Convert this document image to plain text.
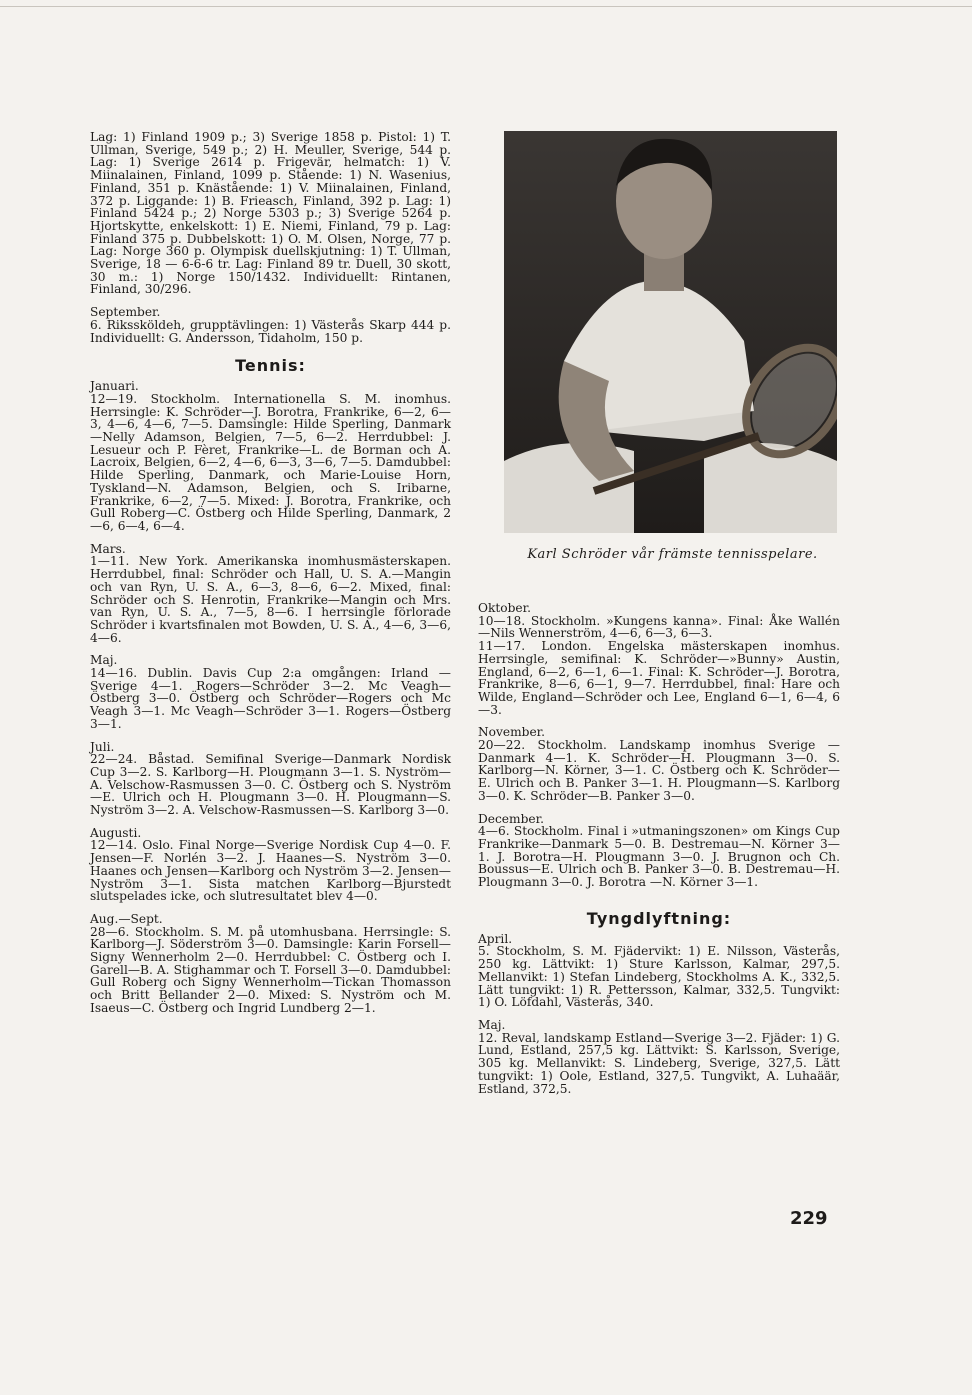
Lag: 1) Finland 1909 p.; 3) Sverige 1858 p. Pistol: 1) T. Ullman, Sverige, 549 p.; 2) H. Meuller, Sverige, 544 p. Lag: 1) Sverige 2614 p. Frigevär, helmatch: 1) V. Miinalainen, Finland, 1099 p. Stående: 1) N. Wasenius, Finland, 351 p. Knästående: 1) V. Miinalainen, Finland, 372 p. Liggande: 1) B. Frieasch, Finland, 392 p. Lag: 1) Finland 5424 p.; 2) Norge 5303 p.; 3) Sverige 5264 p. Hjortskytte, enkelskott: 1) E. Niemi, Finland, 79 p. Lag: Finland 375 p. Dubbelskott: 1) O. M. Olsen, Norge, 77 p. Lag: Norge 360 p. Olympisk duellskjutning: 1) T. Ullman, Sverige, 18 — 6-6-6 tr. Lag: Finland 89 tr. Duell, 30 skott, 30 m.: 1) Norge 150/1432. Individuellt: Rintanen, Finland, 30/296.

September.

6. Rikssköldeh, grupptävlingen: 1) Västerås Skarp 444 p. Individuellt: G. Andersson, Tidaholm, 150 p.

Tennis:

Januari.

12—19. Stockholm. Internationella S. M. inomhus. Herrsingle: K. Schröder—J. Borotra, Frankrike, 6—2, 6—3, 4—6, 4—6, 7—5. Damsingle: Hilde Sperling, Danmark—Nelly Adamson, Belgien, 7—5, 6—2. Herrdubbel: J. Lesueur och P. Fèret, Frankrike—L. de Borman och A. Lacroix, Belgien, 6—2, 4—6, 6—3, 3—6, 7—5. Damdubbel: Hilde Sperling, Danmark, och Marie-Louise Horn, Tyskland—N. Adamson, Belgien, och S. Iribarne, Frankrike, 6—2, 7—5. Mixed: J. Borotra, Frankrike, och Gull Roberg—C. Östberg och Hilde Sperling, Danmark, 2—6, 6—4, 6—4.

Mars.

1—11. New York. Amerikanska inomhusmästerskapen. Herrdubbel, final: Schröder och Hall, U. S. A.—Mangin och van Ryn, U. S. A., 6—3, 8—6, 6—2. Mixed, final: Schröder och S. Henrotin, Frankrike—Mangin och Mrs. van Ryn, U. S. A., 7—5, 8—6. I herrsingle förlorade Schröder i kvartsfinalen mot Bowden, U. S. A., 4—6, 3—6, 4—6.

Maj.

14—16. Dublin. Davis Cup 2:a omgången: Irland —Sverige 4—1. Rogers—Schröder 3—2. Mc Veagh—Östberg 3—0. Östberg och Schröder—Rogers och Mc Veagh 3—1. Mc Veagh—Schröder 3—1. Rogers—Östberg 3—1.

Juli.

22—24. Båstad. Semifinal Sverige—Danmark Nordisk Cup 3—2. S. Karlborg—H. Plougmann 3—1. S. Nyström—A. Velschow-Rasmussen 3—0. C. Östberg och S. Nyström—E. Ulrich och H. Plougmann 3—0. H. Plougmann—S. Nyström 3—2. A. Velschow-Rasmussen—S. Karlborg 3—0.

Augusti.

12—14. Oslo. Final Norge—Sverige Nordisk Cup 4—0. F. Jensen—F. Norlén 3—2. J. Haanes—S. Nyström 3—0. Haanes och Jensen—Karlborg och Nyström 3—2. Jensen—Nyström 3—1. Sista matchen Karlborg—Bjurstedt slutspelades icke, och slutresultatet blev 4—0.

Aug.—Sept.

28—6. Stockholm. S. M. på utomhusbana. Herrsingle: S. Karlborg—J. Söderström 3—0. Damsingle: Karin Forsell—Signy Wennerholm 2—0. Herrdubbel: C. Östberg och I. Garell—B. A. Stighammar och T. Forsell 3—0. Damdubbel: Gull Roberg och Signy Wennerholm—Tickan Thomasson och Britt Bellander 2—0. Mixed: S. Nyström och M. Isaeus—C. Östberg och Ingrid Lundberg 2—1.

Karl Schröder vår främste tennisspelare.

Oktober.

10—18. Stockholm. »Kungens kanna». Final: Åke Wallén—Nils Wennerström, 4—6, 6—3, 6—3.

11—17. London. Engelska mästerskapen inomhus. Herrsingle, semifinal: K. Schröder—»Bunny» Austin, England, 6—2, 6—1, 6—1. Final: K. Schröder—J. Borotra, Frankrike, 8—6, 6—1, 9—7. Herrdubbel, final: Hare och Wilde, England—Schröder och Lee, England 6—1, 6—4, 6—3.

November.

20—22. Stockholm. Landskamp inomhus Sverige —Danmark 4—1. K. Schröder—H. Plougmann 3—0. S. Karlborg—N. Körner, 3—1. C. Östberg och K. Schröder—E. Ulrich och B. Panker 3—1. H. Plougmann—S. Karlborg 3—0. K. Schröder—B. Panker 3—0.

December.

4—6. Stockholm. Final i »utmaningszonen» om Kings Cup Frankrike—Danmark 5—0. B. Destremau—N. Körner 3—1. J. Borotra—H. Plougmann 3—0. J. Brugnon och Ch. Boussus—E. Ulrich och B. Panker 3—0. B. Destremau—H. Plougmann 3—0. J. Borotra —N. Körner 3—1.

Tyngdlyftning:

April.

5. Stockholm, S. M. Fjädervikt: 1) E. Nilsson, Västerås, 250 kg. Lättvikt: 1) Sture Karlsson, Kalmar, 297,5. Mellanvikt: 1) Stefan Lindeberg, Stockholms A. K., 332,5. Lätt tungvikt: 1) R. Pettersson, Kalmar, 332,5. Tungvikt: 1) O. Löfdahl, Västerås, 340.

Maj.

12. Reval, landskamp Estland—Sverige 3—2. Fjäder: 1) G. Lund, Estland, 257,5 kg. Lättvikt: S. Karlsson, Sverige, 305 kg. Mellanvikt: S. Lindeberg, Sverige, 327,5. Lätt tungvikt: 1) Oole, Estland, 327,5. Tungvikt, A. Luhaäär, Estland, 372,5.

229
